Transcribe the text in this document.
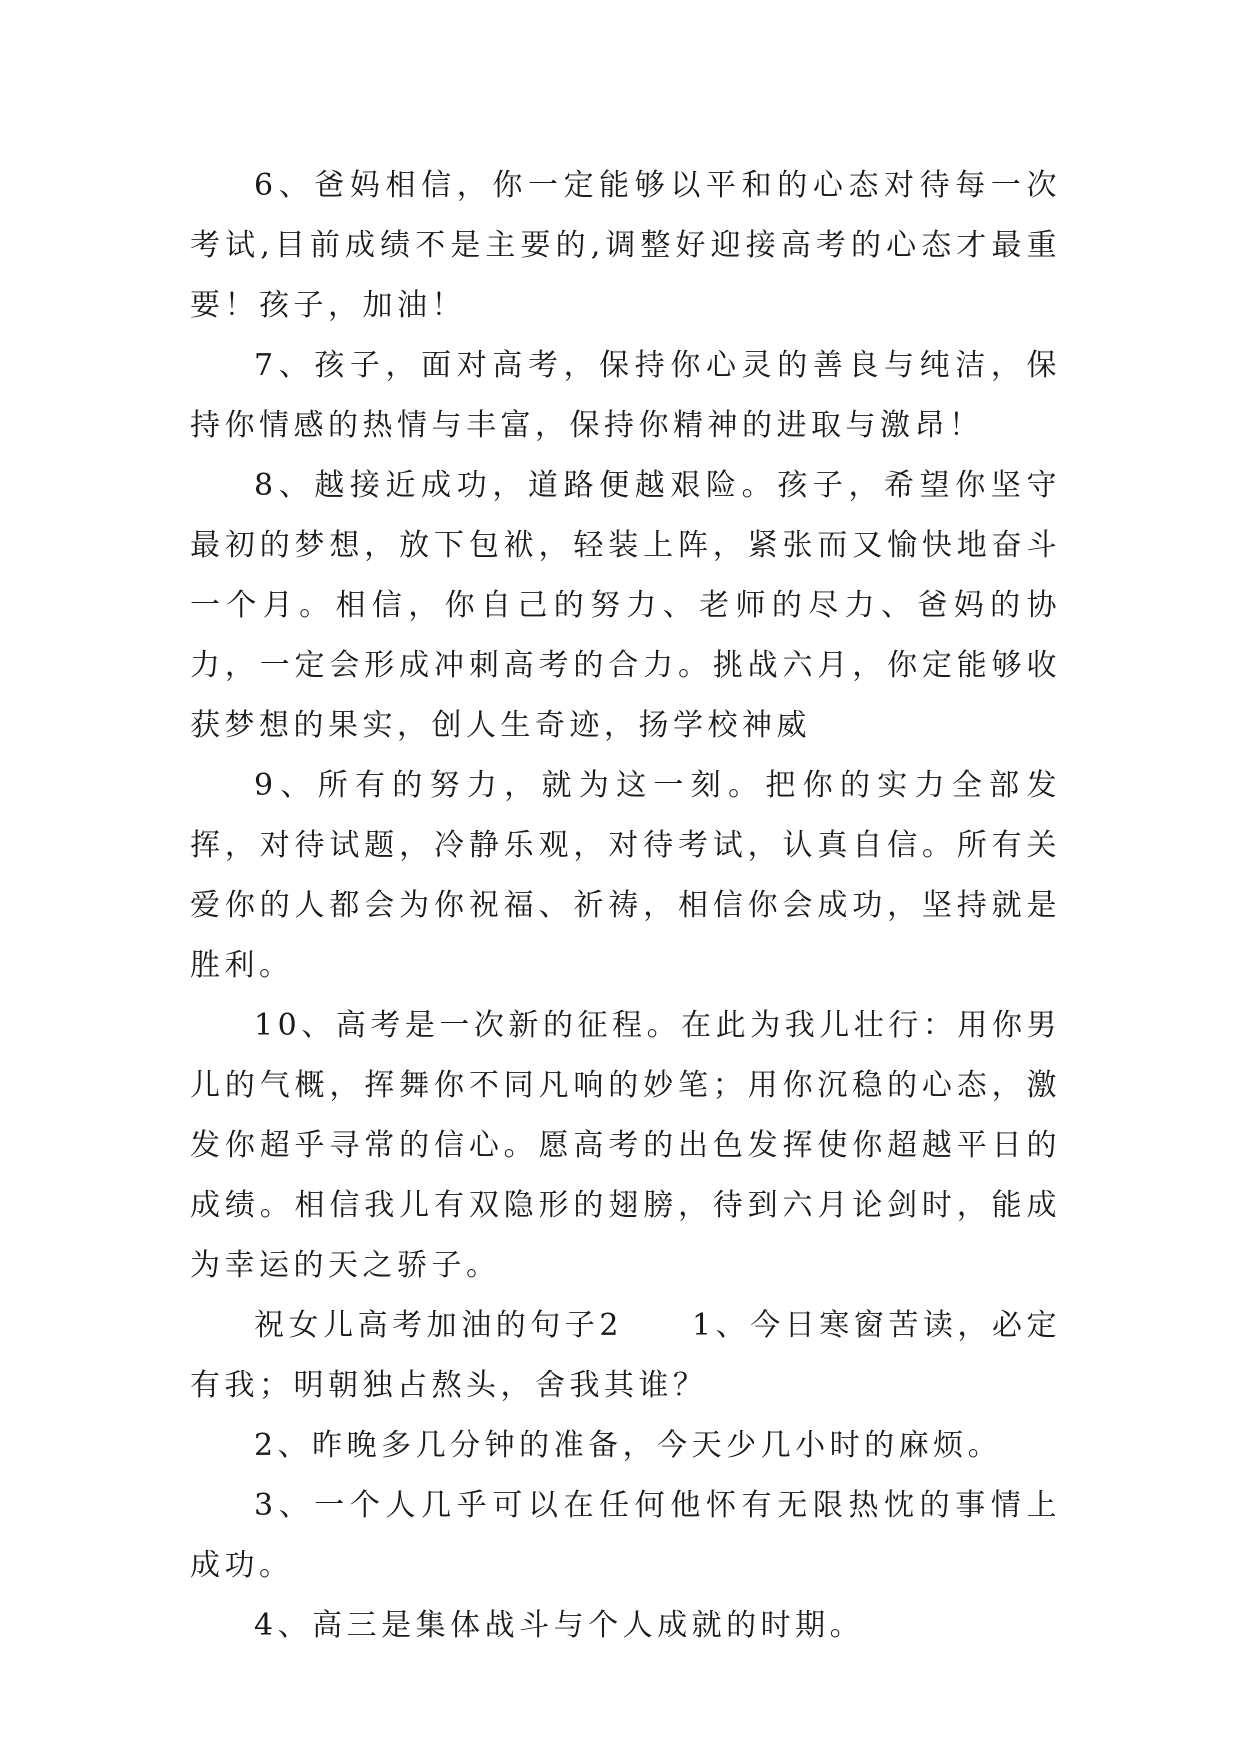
6、爸妈相信，你一定能够以平和的心态对待每一次考试,目前成绩不是主要的,调整好迎接高考的心态才最重要！孩子，加油！

7、孩子，面对高考，保持你心灵的善良与纯洁，保持你情感的热情与丰富，保持你精神的进取与激昂！

8、越接近成功，道路便越艰险。孩子，希望你坚守最初的梦想，放下包袱，轻装上阵，紧张而又愉快地奋斗一个月。相信，你自己的努力、老师的尽力、爸妈的协力，一定会形成冲刺高考的合力。挑战六月，你定能够收获梦想的果实，创人生奇迹，扬学校神威

9、所有的努力，就为这一刻。把你的实力全部发挥，对待试题，冷静乐观，对待考试，认真自信。所有关爱你的人都会为你祝福、祈祷，相信你会成功，坚持就是胜利。

10、高考是一次新的征程。在此为我儿壮行：用你男儿的气概，挥舞你不同凡响的妙笔；用你沉稳的心态，激发你超乎寻常的信心。愿高考的出色发挥使你超越平日的成绩。相信我儿有双隐形的翅膀，待到六月论剑时，能成为幸运的天之骄子。

祝女儿高考加油的句子2　　1、今日寒窗苦读，必定有我；明朝独占熬头，舍我其谁？

2、昨晚多几分钟的准备，今天少几小时的麻烦。

3、一个人几乎可以在任何他怀有无限热忱的事情上成功。

4、高三是集体战斗与个人成就的时期。
